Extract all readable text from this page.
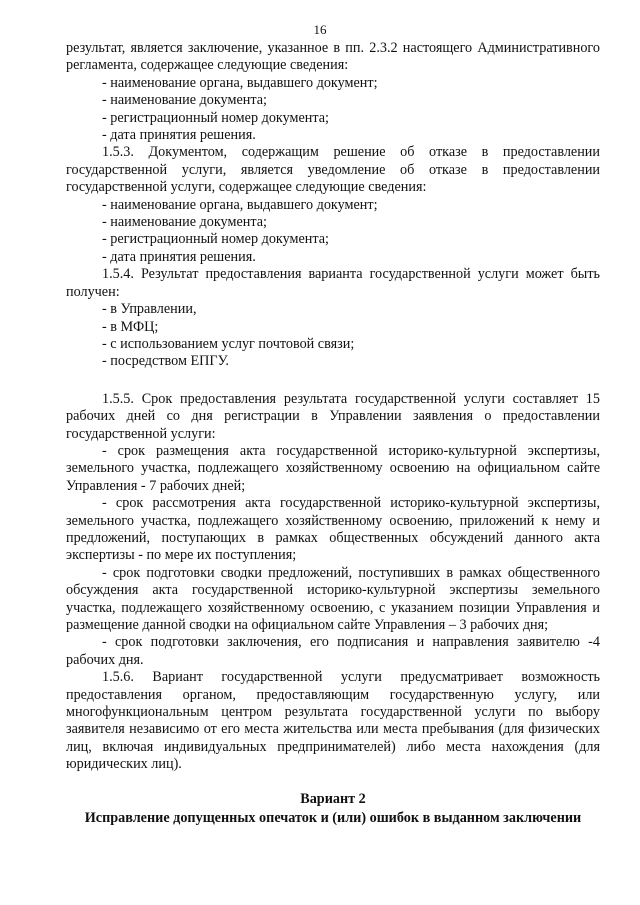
16

результат, является заключение, указанное в пп. 2.3.2 настоящего Административного регламента, содержащее следующие сведения:

- наименование органа, выдавшего документ;

- наименование документа;

- регистрационный номер документа;

- дата принятия решения.

1.5.3. Документом, содержащим решение об отказе в предоставлении государственной услуги, является уведомление об отказе в предоставлении государственной услуги, содержащее следующие сведения:

- наименование органа, выдавшего документ;

- наименование документа;

- регистрационный номер документа;

- дата принятия решения.

1.5.4. Результат предоставления варианта государственной услуги может быть получен:

- в Управлении,

- в МФЦ;

- с использованием услуг почтовой связи;

- посредством ЕПГУ.

1.5.5. Срок предоставления результата государственной услуги составляет 15 рабочих дней со дня регистрации в Управлении заявления о предоставлении государственной услуги:

- срок размещения акта государственной историко-культурной экспертизы, земельного участка, подлежащего хозяйственному освоению на официальном сайте Управления - 7 рабочих дней;

- срок рассмотрения акта государственной историко-культурной экспертизы, земельного участка, подлежащего хозяйственному освоению, приложений к нему и предложений, поступающих в рамках общественных обсуждений данного акта экспертизы - по мере их поступления;

- срок подготовки сводки предложений, поступивших в рамках общественного обсуждения акта государственной историко-культурной экспертизы земельного участка, подлежащего хозяйственному освоению, с указанием позиции Управления и размещение данной сводки на официальном сайте Управления – 3 рабочих дня;

- срок подготовки заключения, его подписания и направления заявителю -4 рабочих дня.

1.5.6. Вариант государственной услуги предусматривает возможность предоставления органом, предоставляющим государственную услугу, или многофункциональным центром результата государственной услуги по выбору заявителя независимо от его места жительства или места пребывания (для физических лиц, включая индивидуальных предпринимателей) либо места нахождения (для юридических лиц).

Вариант 2

Исправление допущенных опечаток и (или) ошибок в выданном заключении
